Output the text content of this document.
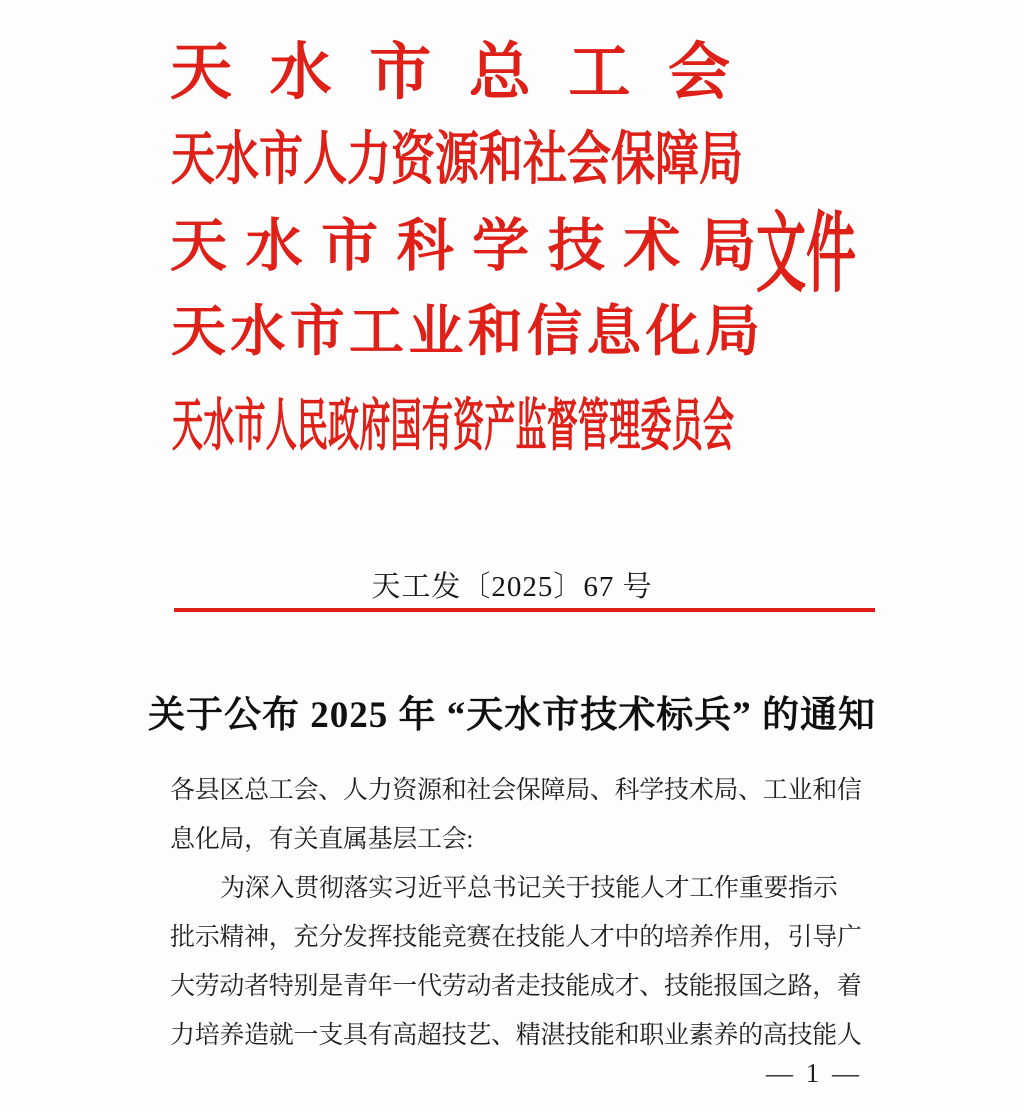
天 水 市 总 工 会
天 水 市 人 力 资 源 和 社 会 保 障 局
天 水 市 科 学 技 术 局 文件
天 水 市 工 业 和 信 息 化 局
天 水 市 人 民 政 府 国 有 资 产 监 督 管 理 委 员 会
天工发〔2025〕67 号
关于公布 2025 年 “天水市技术标兵” 的通知
各县区总工会、人力资源和社会保障局、科学技术局、工业和信
息化局，有关直属基层工会:
为深入贯彻落实习近平总书记关于技能人才工作重要指示
批示精神，充分发挥技能竞赛在技能人才中的培养作用，引导广
大劳动者特别是青年一代劳动者走技能成才、技能报国之路，着
力培养造就一支具有高超技艺、精湛技能和职业素养的高技能人
— 1 —
